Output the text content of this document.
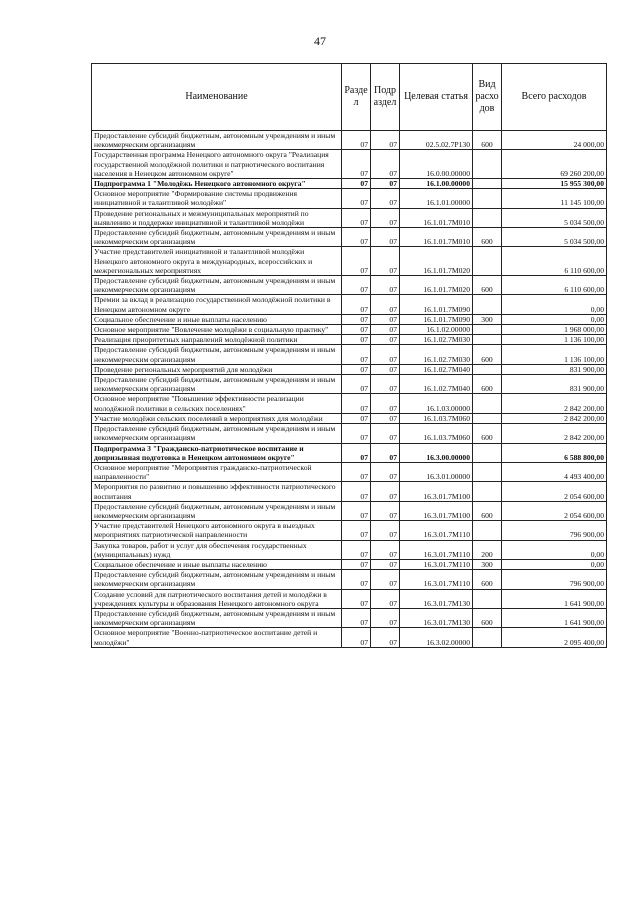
47
Наименование	Разде л	Подр аздел	Целевая статья	Вид расхо дов	Всего расходов
Предоставление субсидий бюджетным, автономным учреждениям и иным некоммерческим организациям	07	07	02.5.02.7Р130	600	24 000,00
Государственная программа Ненецкого автономного округа "Реализация государственной молодёжной политики и патриотического воспитания населения в Ненецком автономном округе"	07	07	16.0.00.00000		69 260 200,00
Подпрограмма 1 "Молодёжь Ненецкого автономного округа"	07	07	16.1.00.00000		15 955 300,00
Основное мероприятие "Формирование системы продвижения инициативной и талантливой молодёжи"	07	07	16.1.01.00000		11 145 100,00
Проведение региональных и межмуниципальных мероприятий по выявлению и поддержке инициативной и талантливой молодёжи	07	07	16.1.01.7М010		5 034 500,00
Предоставление субсидий бюджетным, автономным учреждениям и иным некоммерческим организациям	07	07	16.1.01.7М010	600	5 034 500,00
Участие представителей инициативной и талантливой молодёжи Ненецкого автономного округа в международных, всероссийских и межрегиональных мероприятиях	07	07	16.1.01.7М020		6 110 600,00
Предоставление субсидий бюджетным, автономным учреждениям и иным некоммерческим организациям	07	07	16.1.01.7М020	600	6 110 600,00
Премии за вклад в реализацию государственной молодёжной политики в Ненецком автономном округе	07	07	16.1.01.7М090		0,00
Социальное обеспечение и иные выплаты населению	07	07	16.1.01.7М090	300	0,00
Основное мероприятие "Вовлечение молодёжи в социальную практику"	07	07	16.1.02.00000		1 968 000,00
Реализация приоритетных направлений молодёжной политики	07	07	16.1.02.7М030		1 136 100,00
Предоставление субсидий бюджетным, автономным учреждениям и иным некоммерческим организациям	07	07	16.1.02.7М030	600	1 136 100,00
Проведение региональных мероприятий для молодёжи	07	07	16.1.02.7М040		831 900,00
Предоставление субсидий бюджетным, автономным учреждениям и иным некоммерческим организациям	07	07	16.1.02.7М040	600	831 900,00
Основное мероприятие "Повышение эффективности реализации молодёжной политики в сельских поселениях"	07	07	16.1.03.00000		2 842 200,00
Участие молодёжи сельских поселений в мероприятиях для молодёжи	07	07	16.1.03.7М060		2 842 200,00
Предоставление субсидий бюджетным, автономным учреждениям и иным некоммерческим организациям	07	07	16.1.03.7М060	600	2 842 200,00
Подпрограмма 3 "Гражданско-патриотическое воспитание и допризывная подготовка в Ненецком автономном округе"	07	07	16.3.00.00000		6 588 800,00
Основное мероприятие "Мероприятия гражданско-патриотической направленности"	07	07	16.3.01.00000		4 493 400,00
Мероприятия по развитию и повышению эффективности патриотического воспитания	07	07	16.3.01.7М100		2 054 600,00
Предоставление субсидий бюджетным, автономным учреждениям и иным некоммерческим организациям	07	07	16.3.01.7М100	600	2 054 600,00
Участие представителей Ненецкого автономного округа в выездных мероприятиях патриотической направленности	07	07	16.3.01.7М110		796 900,00
Закупка товаров, работ и услуг для обеспечения государственных (муниципальных) нужд	07	07	16.3.01.7М110	200	0,00
Социальное обеспечение и иные выплаты населению	07	07	16.3.01.7М110	300	0,00
Предоставление субсидий бюджетным, автономным учреждениям и иным некоммерческим организациям	07	07	16.3.01.7М110	600	796 900,00
Создание условий для патриотического воспитания детей и молодёжи в учреждениях культуры и образования Ненецкого автономного округа	07	07	16.3.01.7М130		1 641 900,00
Предоставление субсидий бюджетным, автономным учреждениям и иным некоммерческим организациям	07	07	16.3.01.7М130	600	1 641 900,00
Основное мероприятие "Военно-патриотическое воспитание детей и молодёжи"	07	07	16.3.02.00000		2 095 400,00
